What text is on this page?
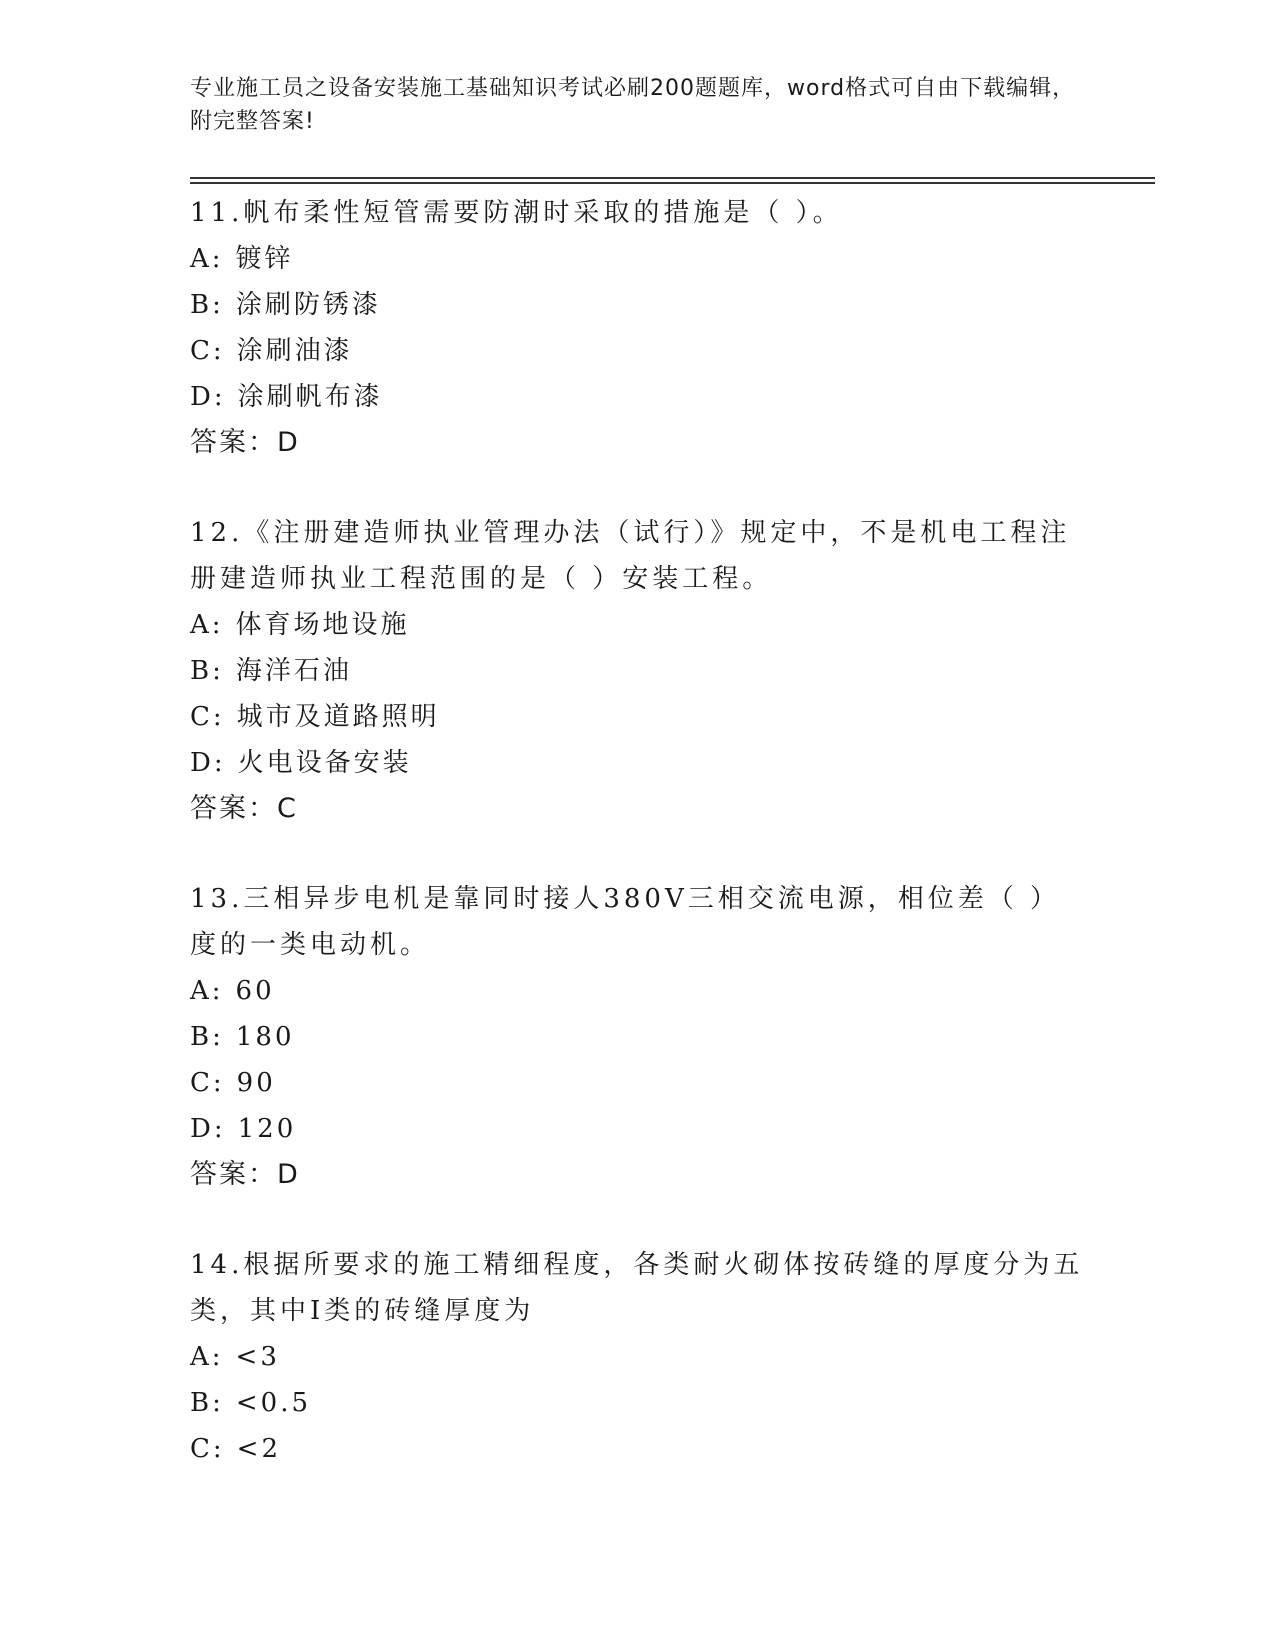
专业施工员之设备安装施工基础知识考试必刷200题题库，word格式可自由下载编辑，附完整答案!

11.帆布柔性短管需要防潮时采取的措施是（ ）。

A: 镀锌
B: 涂刷防锈漆
C: 涂刷油漆
D: 涂刷帆布漆
答案：D

12.《注册建造师执业管理办法（试行）》规定中，不是机电工程注册建造师执业工程范围的是（ ）安装工程。

A: 体育场地设施
B: 海洋石油
C: 城市及道路照明
D: 火电设备安装
答案：C

13.三相异步电机是靠同时接人380V三相交流电源，相位差（ ）度的一类电动机。

A: 60
B: 180
C: 90
D: 120
答案：D

14.根据所要求的施工精细程度，各类耐火砌体按砖缝的厚度分为五类，其中I类的砖缝厚度为

A: <3
B: <0.5
C: <2
